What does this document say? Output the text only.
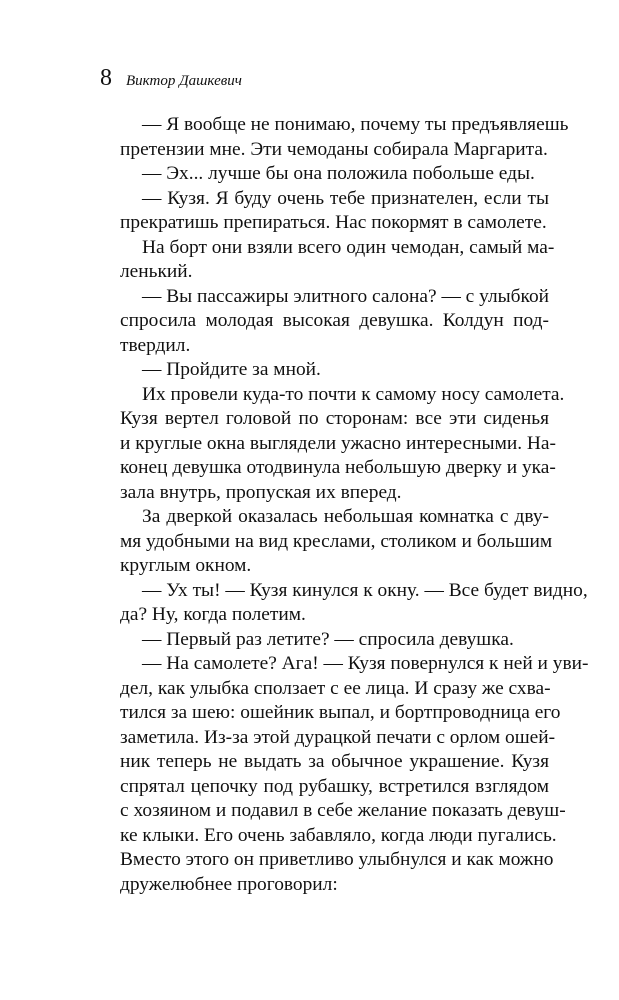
8 Виктор Дашкевич
— Я вообще не понимаю, почему ты предъявляешь
претензии мне. Эти чемоданы собирала Маргарита.
— Эх... лучше бы она положила побольше еды.
— Кузя. Я буду очень тебе признателен, если ты
прекратишь препираться. Нас покормят в самолете.
На борт они взяли всего один чемодан, самый ма-
ленький.
— Вы пассажиры элитного салона? — с улыбкой
спросила молодая высокая девушка. Колдун под-
твердил.
— Пройдите за мной.
Их провели куда-то почти к самому носу самолета.
Кузя вертел головой по сторонам: все эти сиденья
и круглые окна выглядели ужасно интересными. На-
конец девушка отодвинула небольшую дверку и ука-
зала внутрь, пропуская их вперед.
За дверкой оказалась небольшая комнатка с дву-
мя удобными на вид креслами, столиком и большим
круглым окном.
— Ух ты! — Кузя кинулся к окну. — Все будет видно,
да? Ну, когда полетим.
— Первый раз летите? — спросила девушка.
— На самолете? Ага! — Кузя повернулся к ней и уви-
дел, как улыбка сползает с ее лица. И сразу же схва-
тился за шею: ошейник выпал, и бортпроводница его
заметила. Из-за этой дурацкой печати с орлом ошей-
ник теперь не выдать за обычное украшение. Кузя
спрятал цепочку под рубашку, встретился взглядом
с хозяином и подавил в себе желание показать девуш-
ке клыки. Его очень забавляло, когда люди пугались.
Вместо этого он приветливо улыбнулся и как можно
дружелюбнее проговорил:
